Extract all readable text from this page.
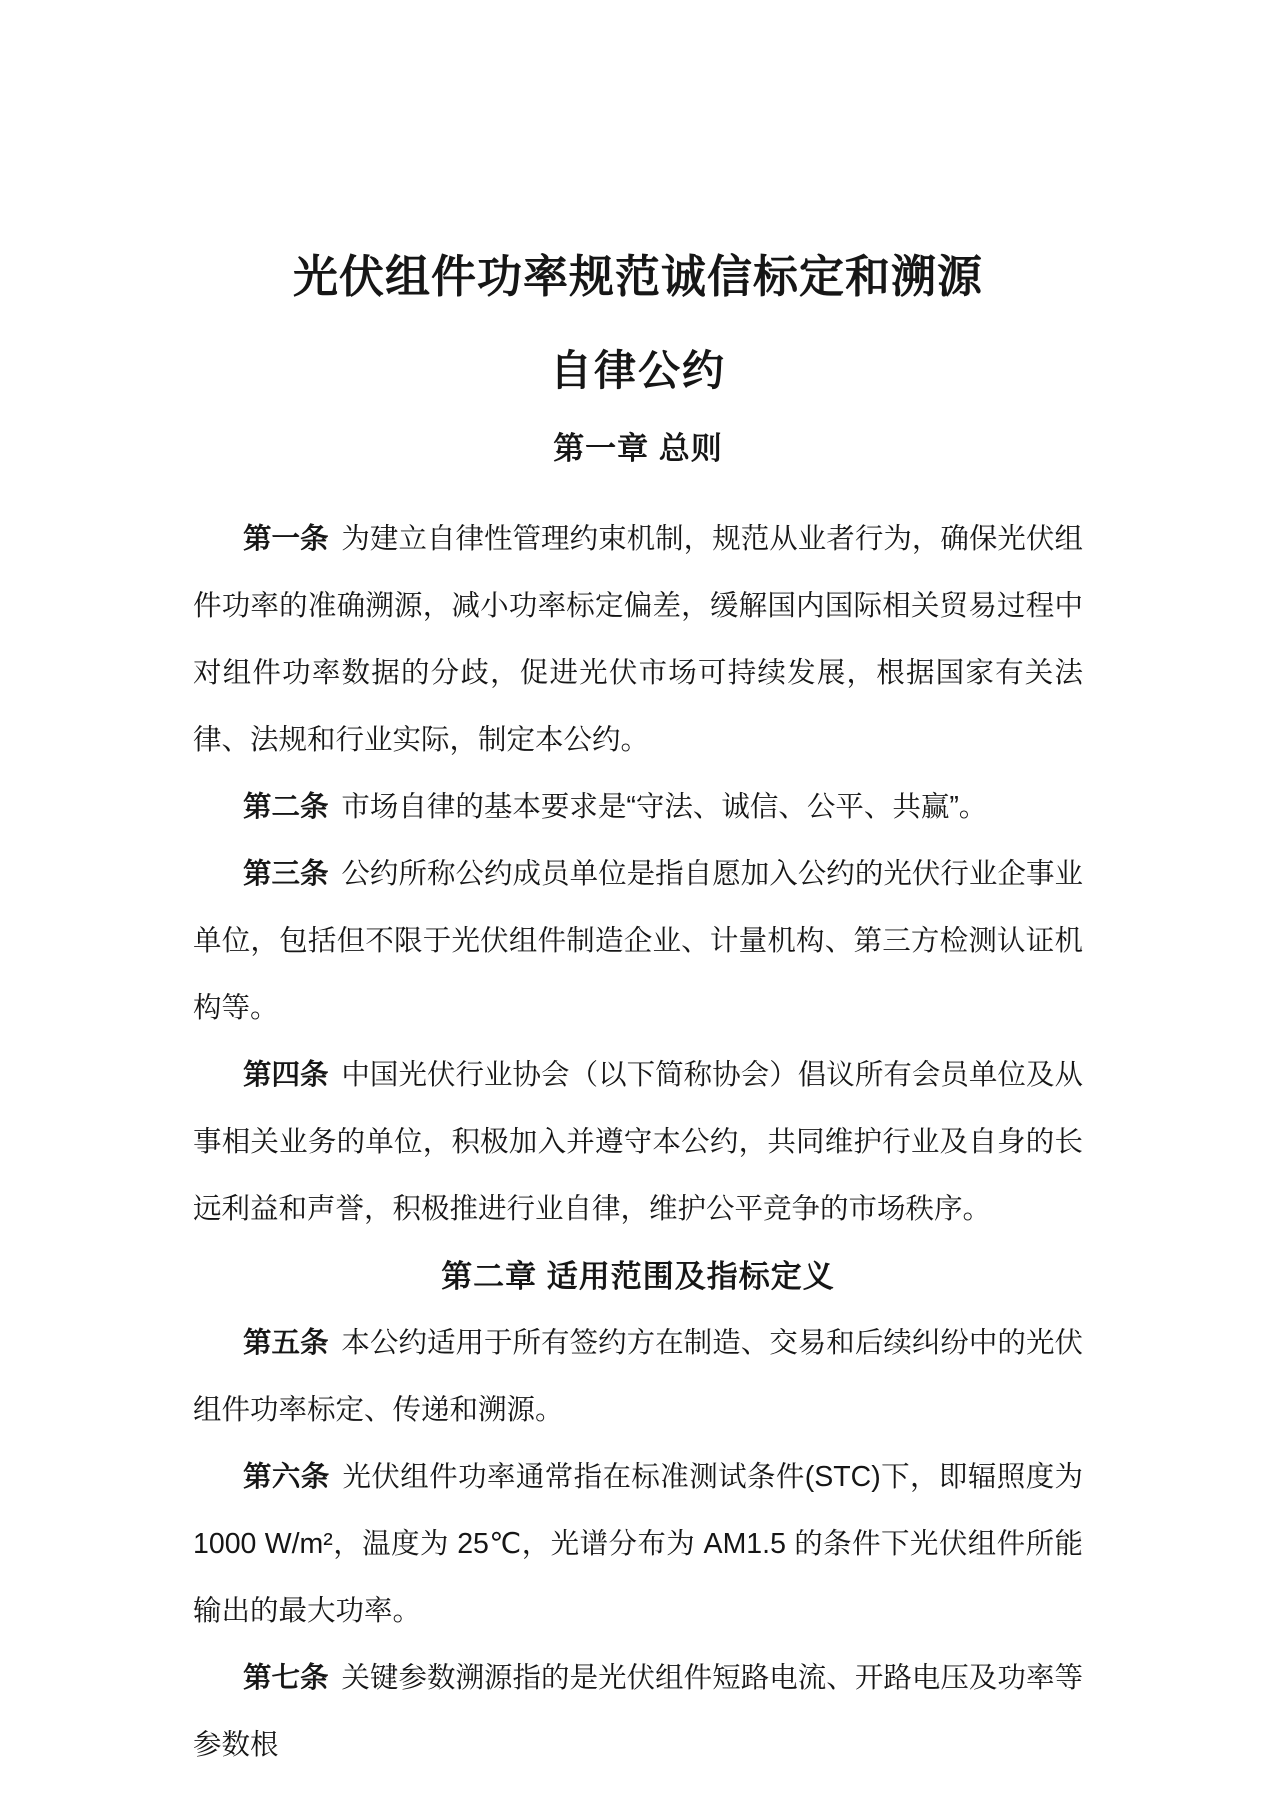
光伏组件功率规范诚信标定和溯源
自律公约
第一章 总则

第一条 为建立自律性管理约束机制，规范从业者行为，确保光伏组件功率的准确溯源，减小功率标定偏差，缓解国内国际相关贸易过程中对组件功率数据的分歧，促进光伏市场可持续发展，根据国家有关法律、法规和行业实际，制定本公约。

第二条 市场自律的基本要求是“守法、诚信、公平、共赢”。

第三条 公约所称公约成员单位是指自愿加入公约的光伏行业企事业单位，包括但不限于光伏组件制造企业、计量机构、第三方检测认证机构等。

第四条 中国光伏行业协会（以下简称协会）倡议所有会员单位及从事相关业务的单位，积极加入并遵守本公约，共同维护行业及自身的长远利益和声誉，积极推进行业自律，维护公平竞争的市场秩序。

第二章 适用范围及指标定义

第五条 本公约适用于所有签约方在制造、交易和后续纠纷中的光伏组件功率标定、传递和溯源。

第六条 光伏组件功率通常指在标准测试条件(STC)下，即辐照度为 1000 W/m²，温度为 25℃，光谱分布为 AM1.5 的条件下光伏组件所能输出的最大功率。

第七条 关键参数溯源指的是光伏组件短路电流、开路电压及功率等参数根
